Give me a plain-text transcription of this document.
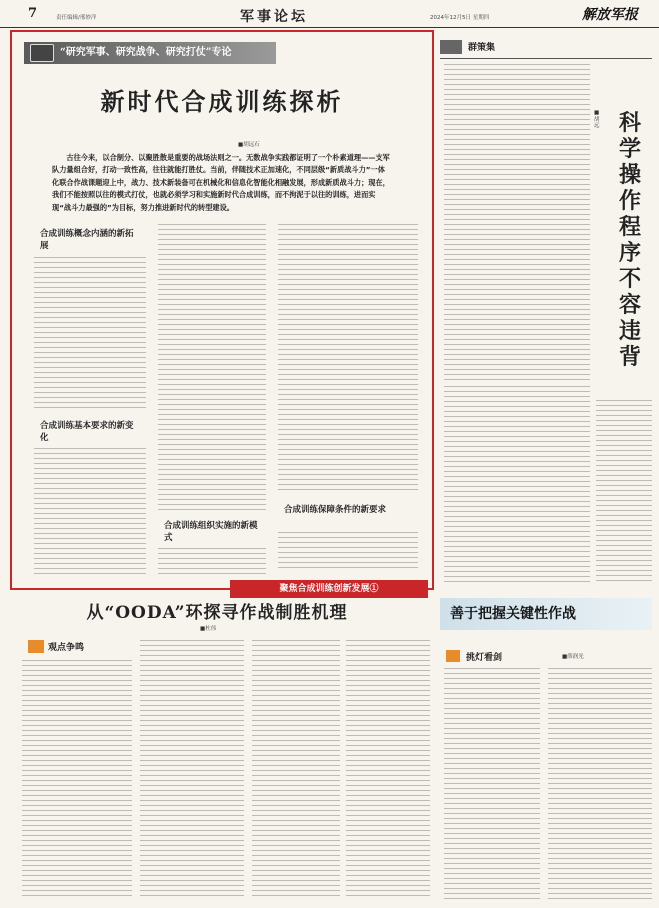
7	责任编辑/邢妙洋	军事论坛	2024年12月5日 星期四	解放军报
“研究军事、研究战争、研究打仗”专论
新时代合成训练探析
■胡远石
古往今来，以合制分、以聚胜散是重要的战场法则之一。无数战争实践都证明了一个朴素道理——支军队力量组合好，打动一致性高，往往就能打胜仗。当前，伴随技术正加速化，不同层级“新质战斗力”一体化联合作战课题迎上中，战力、技术新装备可在机械化和信息化智能化相融发展，形成新质战斗力；现在，我们不能按照以往的模式打仗，也就必须学习和实施新时代合成训练，而不拘泥于以往的训练，进而实现“战斗力最强的”为目标，努力推进新时代的转型建设。
合成训练概念内涵的新拓展
合成训练基本要求的新变化
合成训练组织实施的新模式
合成训练保障条件的新要求
聚焦合成训练创新发展①
群策集
■胡远 科学操作程序不容违背
善于把握关键性作战
挑灯看剑	■薛润光
从“OODA”环探寻作战制胜机理
■杜伟
观点争鸣
